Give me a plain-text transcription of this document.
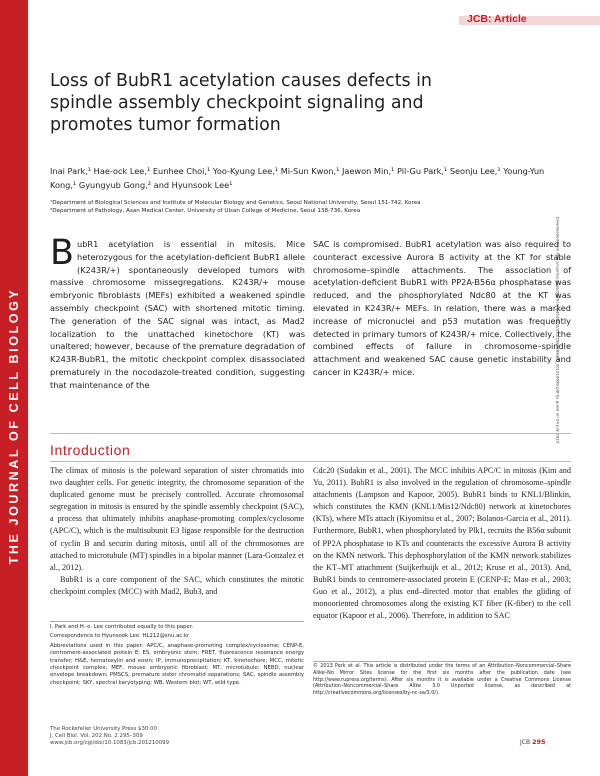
THE JOURNAL OF CELL BIOLOGY
JCB: Article
Downloaded from http://rupress.org/jcb/article-pdf/202/2/295/1582288/jcb_201210099.pdf by guest on 24 July 2023
Loss of BubR1 acetylation causes defects in spindle assembly checkpoint signaling and promotes tumor formation

Inai Park,¹ Hae-ock Lee,¹ Eunhee Choi,¹ Yoo-Kyung Lee,¹ Mi-Sun Kwon,¹ Jaewon Min,¹ Pil-Gu Park,¹ Seonju Lee,¹ Young-Yun Kong,¹ Gyungyub Gong,² and Hyunsook Lee¹

¹Department of Biological Sciences and Institute of Molecular Biology and Genetics, Seoul National University, Seoul 151-742, Korea
²Department of Pathology, Asan Medical Center, University of Ulsan College of Medicine, Seoul 138-736, Korea

BubR1 acetylation is essential in mitosis. Mice heterozygous for the acetylation-deficient BubR1 allele (K243R/+) spontaneously developed tumors with massive chromosome missegregations. K243R/+ mouse embryonic fibroblasts (MEFs) exhibited a weakened spindle assembly checkpoint (SAC) with shortened mitotic timing. The generation of the SAC signal was intact, as Mad2 localization to the unattached kinetochore (KT) was unaltered; however, because of the premature degradation of K243R-BubR1, the mitotic checkpoint complex disassociated prematurely in the nocodazole-treated condition, suggesting that maintenance of the

SAC is compromised. BubR1 acetylation was also required to counteract excessive Aurora B activity at the KT for stable chromosome–spindle attachments. The association of acetylation-deficient BubR1 with PP2A-B56α phosphatase was reduced, and the phosphorylated Ndc80 at the KT was elevated in K243R/+ MEFs. In relation, there was a marked increase of micronuclei and p53 mutation was frequently detected in primary tumors of K243R/+ mice. Collectively, the combined effects of failure in chromosome–spindle attachment and weakened SAC cause genetic instability and cancer in K243R/+ mice.

Introduction

The climax of mitosis is the poleward separation of sister chromatids into two daughter cells. For genetic integrity, the chromosome separation of the duplicated genome must be precisely controlled. Accurate chromosomal segregation in mitosis is ensured by the spindle assembly checkpoint (SAC), a process that ultimately inhibits anaphase-promoting complex/cyclosome (APC/C), which is the multisubunit E3 ligase responsible for the destruction of cyclin B and securin during mitosis, until all of the chromosomes are attached to microtubule (MT) spindles in a bipolar manner (Lara-Gonzalez et al., 2012).

BubR1 is a core component of the SAC, which constitutes the mitotic checkpoint complex (MCC) with Mad2, Bub3, and

Cdc20 (Sudakin et al., 2001). The MCC inhibits APC/C in mitosis (Kim and Yu, 2011). BubR1 is also involved in the regulation of chromosome–spindle attachments (Lampson and Kapoor, 2005). BubR1 binds to KNL1/Blinkin, which constitutes the KMN (KNL1/Mis12/Ndc80) network at kinetochores (KTs), where MTs attach (Kiyomitsu et al., 2007; Bolanos-Garcia et al., 2011). Furthermore, BubR1, when phosphorylated by Plk1, recruits the B56α subunit of PP2A phosphatase to KTs and counteracts the excessive Aurora B activity on the KMN network. This dephosphorylation of the KMN network stabilizes the KT–MT attachment (Suijkerbuijk et al., 2012; Kruse et al., 2013). And, BubR1 binds to centromere-associated protein E (CENP-E; Mao et al., 2003; Guo et al., 2012), a plus end–directed motor that enables the gliding of monooriented chromosomes along the existing KT fiber (K-fiber) to the cell equator (Kapoor et al., 2006). Therefore, in addition to SAC

I. Park and H.-o. Lee contributed equally to this paper.

Correspondence to Hyunsook Lee: HL212@snu.ac.kr

Abbreviations used in this paper: APC/C, anaphase-promoting complex/cyclosome; CENP-E, centromere-associated protein E; ES, embryonic stem; FRET, fluorescence resonance energy transfer; H&E, hematoxylin and eosin; IP, immunoprecipitation; KT, kinetochore; MCC, mitotic checkpoint complex; MEF, mouse embryonic fibroblast; MT, microtubule; NEBD, nuclear envelope breakdown; PMSCS, premature sister chromatid separations; SAC, spindle assembly checkpoint; SKY, spectral karyotyping; WB, Western blot; WT, wild type.

© 2013 Park et al. This article is distributed under the terms of an Attribution–Noncommercial–Share Alike–No Mirror Sites license for the first six months after the publication date (see http://www.rupress.org/terms). After six months it is available under a Creative Commons License (Attribution–Noncommercial–Share Alike 3.0 Unported license, as described at http://creativecommons.org/licenses/by-nc-sa/3.0/).
The Rockefeller University Press $30.00
J. Cell Biol. Vol. 202 No. 2 295–309
www.jcb.org/cgi/doi/10.1083/jcb.201210099	JCB 295
